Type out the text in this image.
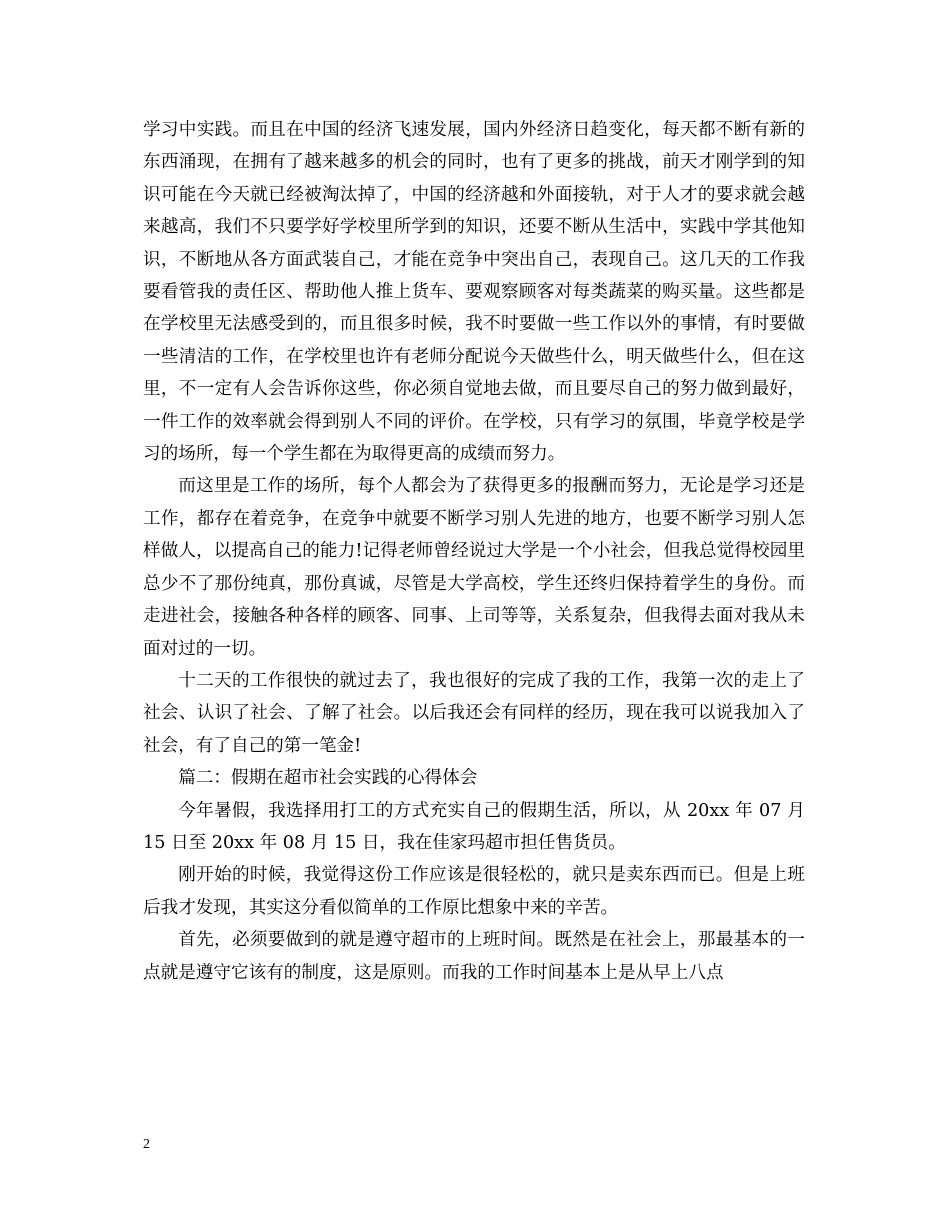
学习中实践。而且在中国的经济飞速发展，国内外经济日趋变化，每天都不断有新的东西涌现，在拥有了越来越多的机会的同时，也有了更多的挑战，前天才刚学到的知识可能在今天就已经被淘汰掉了，中国的经济越和外面接轨，对于人才的要求就会越来越高，我们不只要学好学校里所学到的知识，还要不断从生活中，实践中学其他知识，不断地从各方面武装自己，才能在竞争中突出自己，表现自己。这几天的工作我要看管我的责任区、帮助他人推上货车、要观察顾客对每类蔬菜的购买量。这些都是在学校里无法感受到的，而且很多时候，我不时要做一些工作以外的事情，有时要做一些清洁的工作，在学校里也许有老师分配说今天做些什么，明天做些什么，但在这里，不一定有人会告诉你这些，你必须自觉地去做，而且要尽自己的努力做到最好，一件工作的效率就会得到别人不同的评价。在学校，只有学习的氛围，毕竟学校是学习的场所，每一个学生都在为取得更高的成绩而努力。

而这里是工作的场所，每个人都会为了获得更多的报酬而努力，无论是学习还是工作，都存在着竞争，在竞争中就要不断学习别人先进的地方，也要不断学习别人怎样做人，以提高自己的能力!记得老师曾经说过大学是一个小社会，但我总觉得校园里总少不了那份纯真，那份真诚，尽管是大学高校，学生还终归保持着学生的身份。而走进社会，接触各种各样的顾客、同事、上司等等，关系复杂，但我得去面对我从未面对过的一切。

十二天的工作很快的就过去了，我也很好的完成了我的工作，我第一次的走上了社会、认识了社会、了解了社会。以后我还会有同样的经历，现在我可以说我加入了社会，有了自己的第一笔金!

篇二：假期在超市社会实践的心得体会

今年暑假，我选择用打工的方式充实自己的假期生活，所以，从 20xx 年 07 月 15 日至 20xx 年 08 月 15 日，我在佳家玛超市担任售货员。

刚开始的时候，我觉得这份工作应该是很轻松的，就只是卖东西而已。但是上班后我才发现，其实这分看似简单的工作原比想象中来的辛苦。

首先，必须要做到的就是遵守超市的上班时间。既然是在社会上，那最基本的一点就是遵守它该有的制度，这是原则。而我的工作时间基本上是从早上八点

2
